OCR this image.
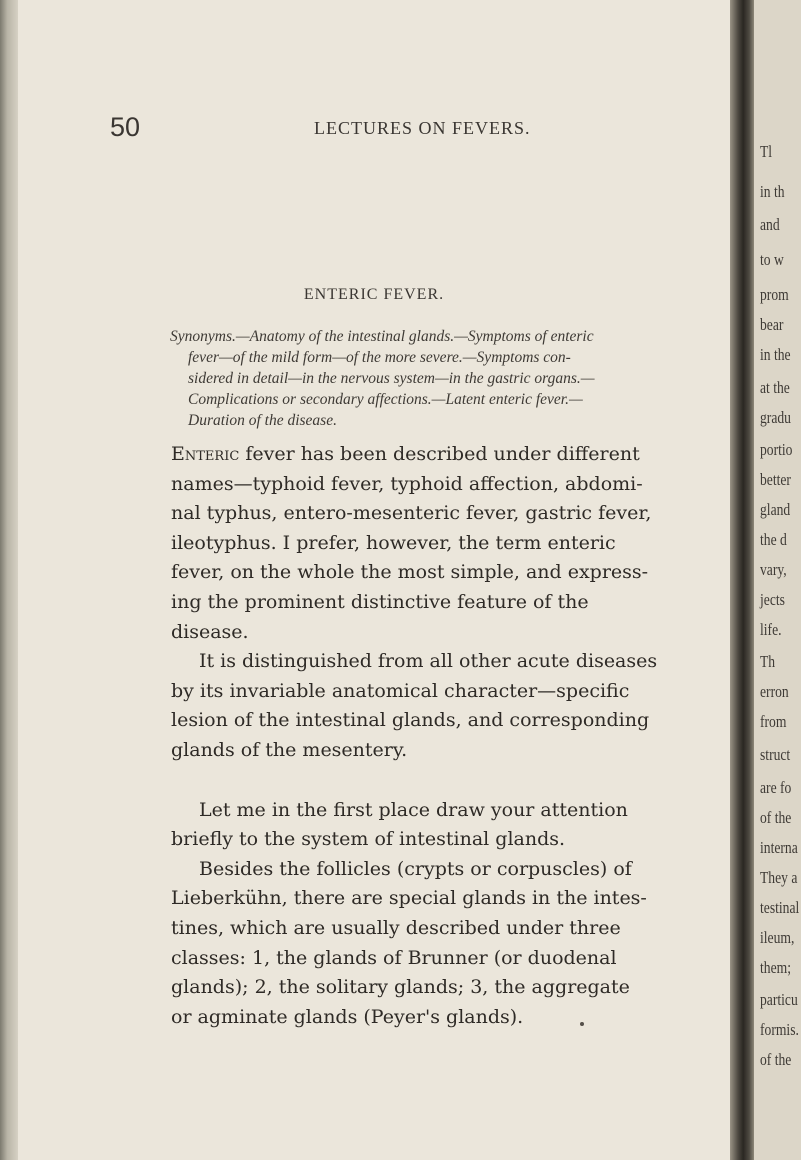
50	LECTURES ON FEVERS.
ENTERIC FEVER.
Synonyms.—Anatomy of the intestinal glands.—Symptoms of enteric
fever—of the mild form—of the more severe.—Symptoms con-
sidered in detail—in the nervous system—in the gastric organs.—
Complications or secondary affections.—Latent enteric fever.—
Duration of the disease.
Enteric fever has been described under different
names—typhoid fever, typhoid affection, abdomi-
nal typhus, entero-mesenteric fever, gastric fever,
ileotyphus. I prefer, however, the term enteric
fever, on the whole the most simple, and express-
ing the prominent distinctive feature of the
disease.
It is distinguished from all other acute diseases
by its invariable anatomical character—specific
lesion of the intestinal glands, and corresponding
glands of the mesentery.
Let me in the first place draw your attention
briefly to the system of intestinal glands.
Besides the follicles (crypts or corpuscles) of
Lieberkühn, there are special glands in the intes-
tines, which are usually described under three
classes: 1, the glands of Brunner (or duodenal
glands); 2, the solitary glands; 3, the aggregate
or agminate glands (Peyer's glands).
Tl
in th
and
to w
prom
bear
in the
at the
gradu
portio
better
gland
the d
vary,
jects
life.
Th
erron
from
struct
are fo
of the
interna
They a
testinal
ileum,
them;
particu
formis.
of the
